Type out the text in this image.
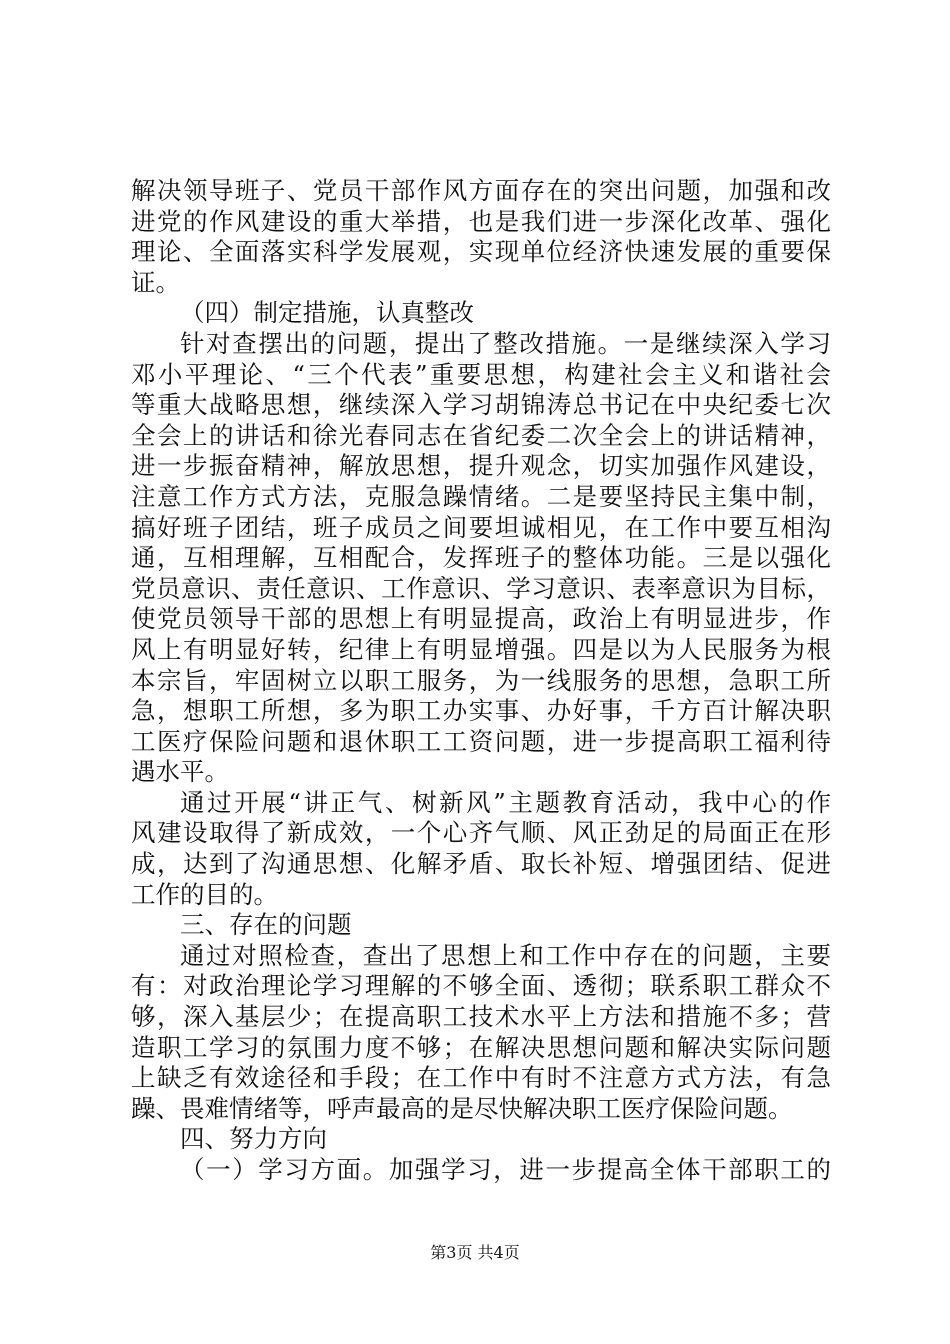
解决领导班子、党员干部作风方面存在的突出问题，加强和改
进党的作风建设的重大举措，也是我们进一步深化改革、强化
理论、全面落实科学发展观，实现单位经济快速发展的重要保
证。
（四）制定措施，认真整改
针对查摆出的问题，提出了整改措施。一是继续深入学习
邓小平理论、“三个代表”重要思想，构建社会主义和谐社会
等重大战略思想，继续深入学习胡锦涛总书记在中央纪委七次
全会上的讲话和徐光春同志在省纪委二次全会上的讲话精神，
进一步振奋精神，解放思想，提升观念，切实加强作风建设，
注意工作方式方法，克服急躁情绪。二是要坚持民主集中制，
搞好班子团结，班子成员之间要坦诚相见，在工作中要互相沟
通，互相理解，互相配合，发挥班子的整体功能。三是以强化
党员意识、责任意识、工作意识、学习意识、表率意识为目标，
使党员领导干部的思想上有明显提高，政治上有明显进步，作
风上有明显好转，纪律上有明显增强。四是以为人民服务为根
本宗旨，牢固树立以职工服务，为一线服务的思想，急职工所
急，想职工所想，多为职工办实事、办好事，千方百计解决职
工医疗保险问题和退休职工工资问题，进一步提高职工福利待
遇水平。
通过开展“讲正气、树新风”主题教育活动，我中心的作
风建设取得了新成效，一个心齐气顺、风正劲足的局面正在形
成，达到了沟通思想、化解矛盾、取长补短、增强团结、促进
工作的目的。
三、存在的问题
通过对照检查，查出了思想上和工作中存在的问题，主要
有：对政治理论学习理解的不够全面、透彻；联系职工群众不
够，深入基层少；在提高职工技术水平上方法和措施不多；营
造职工学习的氛围力度不够；在解决思想问题和解决实际问题
上缺乏有效途径和手段；在工作中有时不注意方式方法，有急
躁、畏难情绪等，呼声最高的是尽快解决职工医疗保险问题。
四、努力方向
（一）学习方面。加强学习，进一步提高全体干部职工的
第3页 共4页
